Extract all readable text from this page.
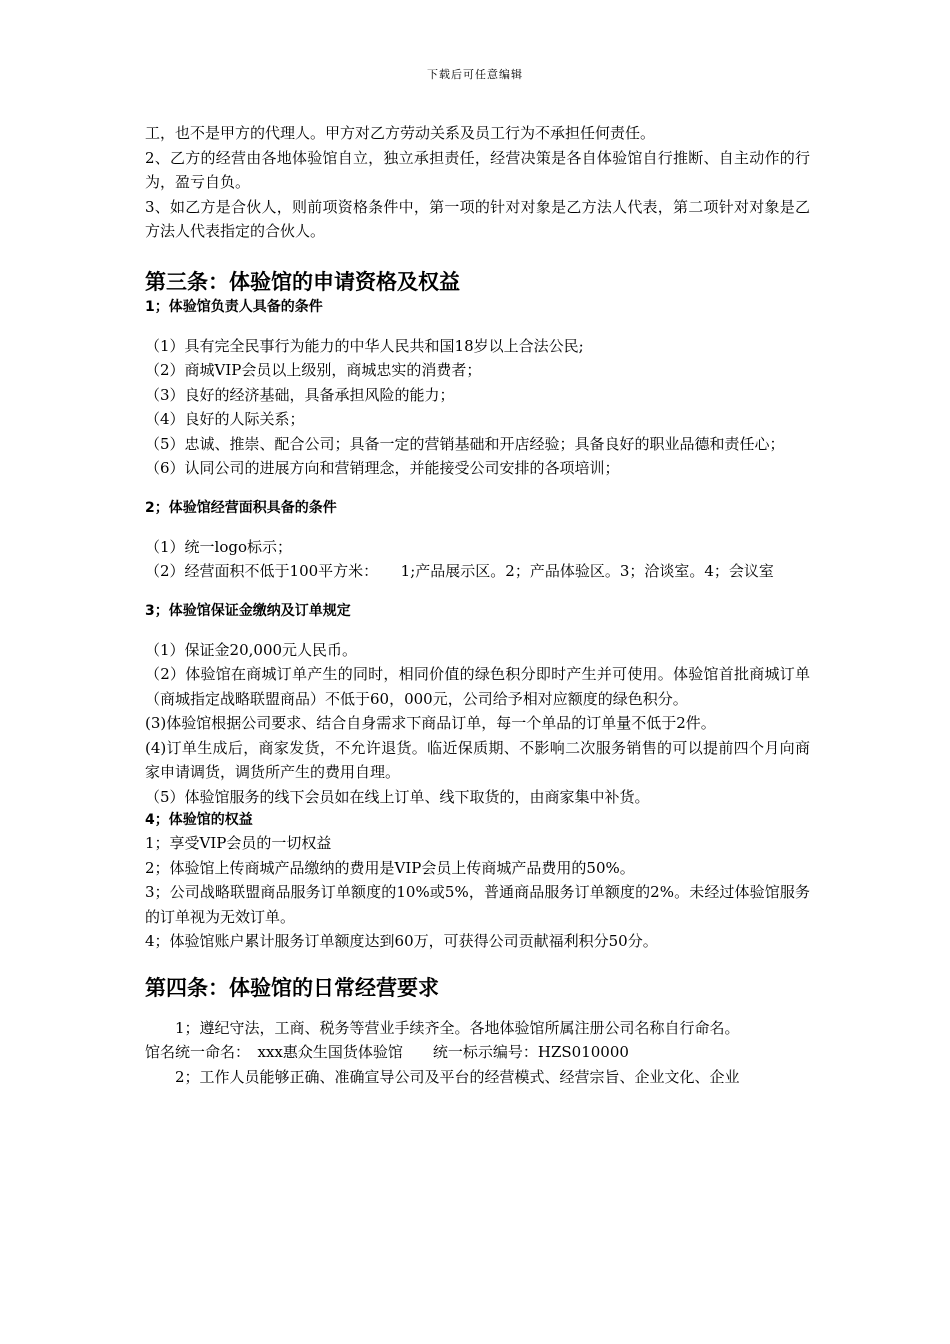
下载后可任意编辑

工，也不是甲方的代理人。甲方对乙方劳动关系及员工行为不承担任何责任。

2、乙方的经营由各地体验馆自立，独立承担责任，经营决策是各自体验馆自行推断、自主动作的行为，盈亏自负。

3、如乙方是合伙人，则前项资格条件中，第一项的针对对象是乙方法人代表，第二项针对对象是乙方法人代表指定的合伙人。

第三条：体验馆的申请资格及权益

1；体验馆负责人具备的条件

（1）具有完全民事行为能力的中华人民共和国18岁以上合法公民;

（2）商城VIP会员以上级别，商城忠实的消费者；

（3）良好的经济基础，具备承担风险的能力；

（4）良好的人际关系；

（5）忠诚、推崇、配合公司；具备一定的营销基础和开店经验；具备良好的职业品德和责任心；

（6）认同公司的进展方向和营销理念，并能接受公司安排的各项培训；

2；体验馆经营面积具备的条件

（1）统一logo标示；

（2）经营面积不低于100平方米：　　1;产品展示区。2；产品体验区。3；洽谈室。4；会议室

3；体验馆保证金缴纳及订单规定

（1）保证金20,000元人民币。

（2）体验馆在商城订单产生的同时，相同价值的绿色积分即时产生并可使用。体验馆首批商城订单（商城指定战略联盟商品）不低于60，000元，公司给予相对应额度的绿色积分。

(3)体验馆根据公司要求、结合自身需求下商品订单，每一个单品的订单量不低于2件。

(4)订单生成后，商家发货，不允许退货。临近保质期、不影响二次服务销售的可以提前四个月向商家申请调货，调货所产生的费用自理。

（5）体验馆服务的线下会员如在线上订单、线下取货的，由商家集中补货。

4；体验馆的权益

1；享受VIP会员的一切权益

2；体验馆上传商城产品缴纳的费用是VIP会员上传商城产品费用的50%。

3；公司战略联盟商品服务订单额度的10%或5%，普通商品服务订单额度的2%。未经过体验馆服务的订单视为无效订单。

4；体验馆账户累计服务订单额度达到60万，可获得公司贡献福利积分50分。

第四条：体验馆的日常经营要求

1；遵纪守法，工商、税务等营业手续齐全。各地体验馆所属注册公司名称自行命名。

馆名统一命名：　xxx惠众生国货体验馆　　统一标示编号：HZS010000

2；工作人员能够正确、准确宣导公司及平台的经营模式、经营宗旨、企业文化、企业
